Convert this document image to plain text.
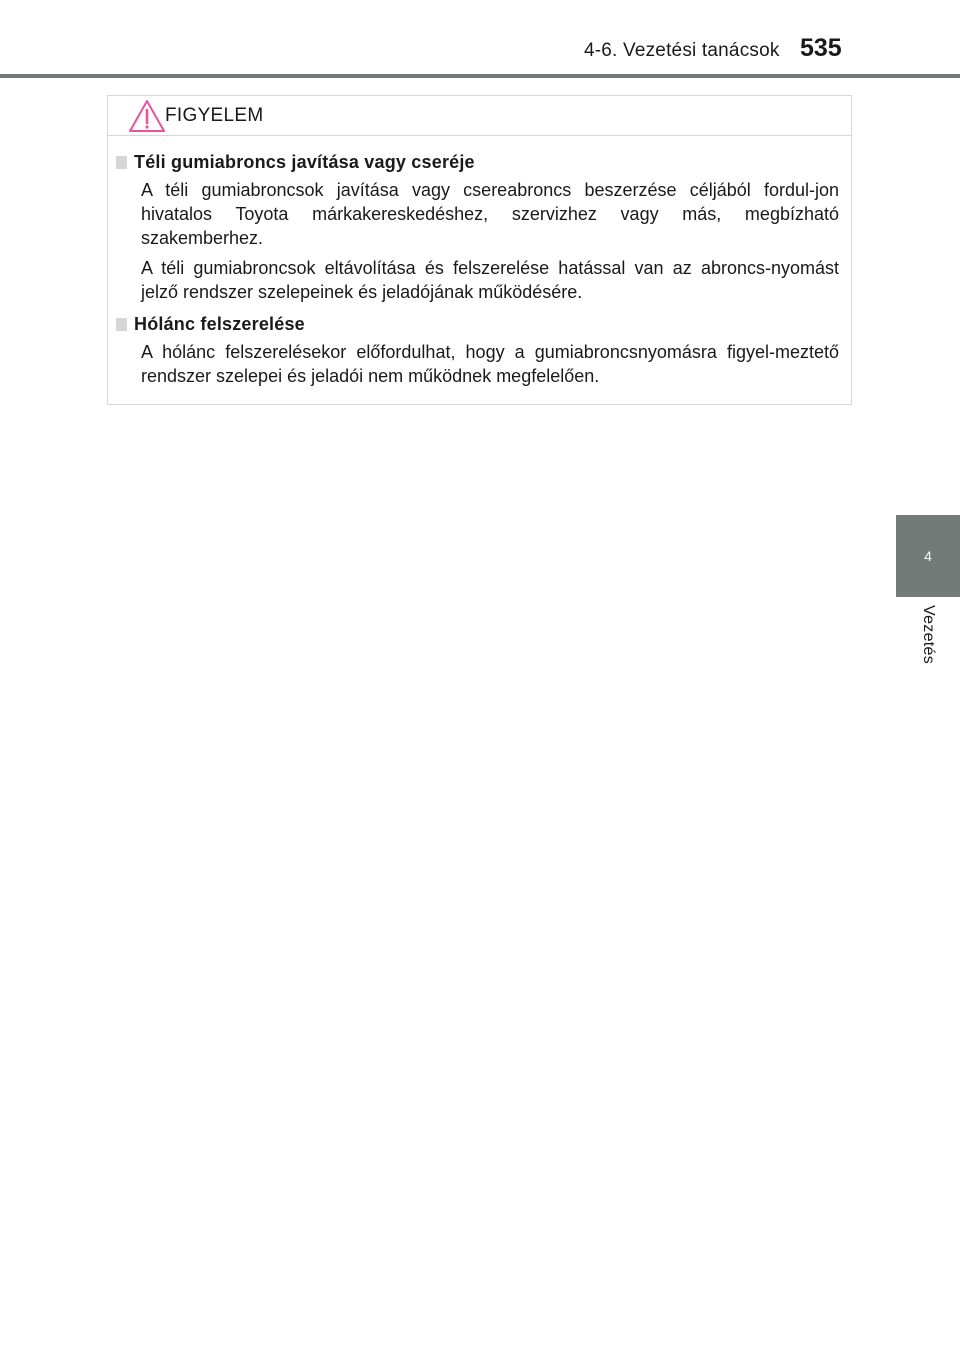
4-6. Vezetési tanácsok 535
4
Vezetés
FIGYELEM
Téli gumiabroncs javítása vagy cseréje

A téli gumiabroncsok javítása vagy csereabroncs beszerzése céljából fordul-jon hivatalos Toyota márkakereskedéshez, szervizhez vagy más, megbízható szakemberhez.

A téli gumiabroncsok eltávolítása és felszerelése hatással van az abroncs-nyomást jelző rendszer szelepeinek és jeladójának működésére.

Hólánc felszerelése

A hólánc felszerelésekor előfordulhat, hogy a gumiabroncsnyomásra figyel-meztető rendszer szelepei és jeladói nem működnek megfelelően.
